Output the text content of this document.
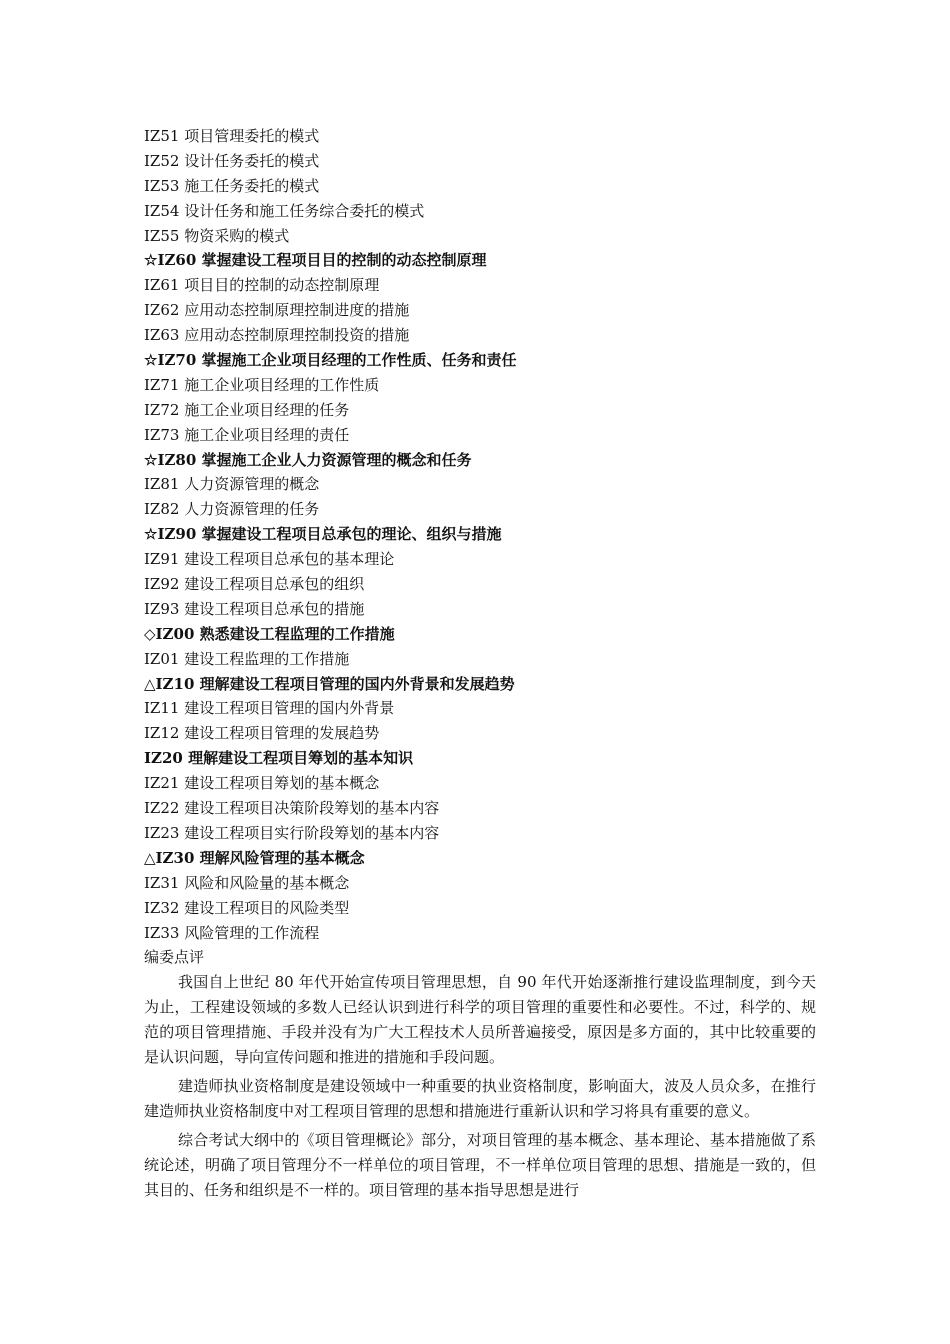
IZ51 项目管理委托的模式
IZ52 设计任务委托的模式
IZ53 施工任务委托的模式
IZ54 设计任务和施工任务综合委托的模式
IZ55 物资采购的模式
☆IZ60 掌握建设工程项目目的控制的动态控制原理
IZ61 项目目的控制的动态控制原理
IZ62 应用动态控制原理控制进度的措施
IZ63 应用动态控制原理控制投资的措施
☆IZ70 掌握施工企业项目经理的工作性质、任务和责任
IZ71 施工企业项目经理的工作性质
IZ72 施工企业项目经理的任务
IZ73 施工企业项目经理的责任
☆IZ80 掌握施工企业人力资源管理的概念和任务
IZ81 人力资源管理的概念
IZ82 人力资源管理的任务
☆IZ90 掌握建设工程项目总承包的理论、组织与措施
IZ91 建设工程项目总承包的基本理论
IZ92 建设工程项目总承包的组织
IZ93 建设工程项目总承包的措施
◇IZ00 熟悉建设工程监理的工作措施
IZ01 建设工程监理的工作措施
△IZ10 理解建设工程项目管理的国内外背景和发展趋势
IZ11 建设工程项目管理的国内外背景
IZ12 建设工程项目管理的发展趋势
IZ20 理解建设工程项目筹划的基本知识
IZ21 建设工程项目筹划的基本概念
IZ22 建设工程项目决策阶段筹划的基本内容
IZ23 建设工程项目实行阶段筹划的基本内容
△IZ30 理解风险管理的基本概念
IZ31 风险和风险量的基本概念
IZ32 建设工程项目的风险类型
IZ33 风险管理的工作流程
编委点评

我国自上世纪 80 年代开始宣传项目管理思想，自 90 年代开始逐渐推行建设监理制度，到今天为止，工程建设领域的多数人已经认识到进行科学的项目管理的重要性和必要性。不过，科学的、规范的项目管理措施、手段并没有为广大工程技术人员所普遍接受，原因是多方面的，其中比较重要的是认识问题，导向宣传问题和推进的措施和手段问题。

建造师执业资格制度是建设领域中一种重要的执业资格制度，影响面大，波及人员众多，在推行建造师执业资格制度中对工程项目管理的思想和措施进行重新认识和学习将具有重要的意义。

综合考试大纲中的《项目管理概论》部分，对项目管理的基本概念、基本理论、基本措施做了系统论述，明确了项目管理分不一样单位的项目管理，不一样单位项目管理的思想、措施是一致的，但其目的、任务和组织是不一样的。项目管理的基本指导思想是进行
